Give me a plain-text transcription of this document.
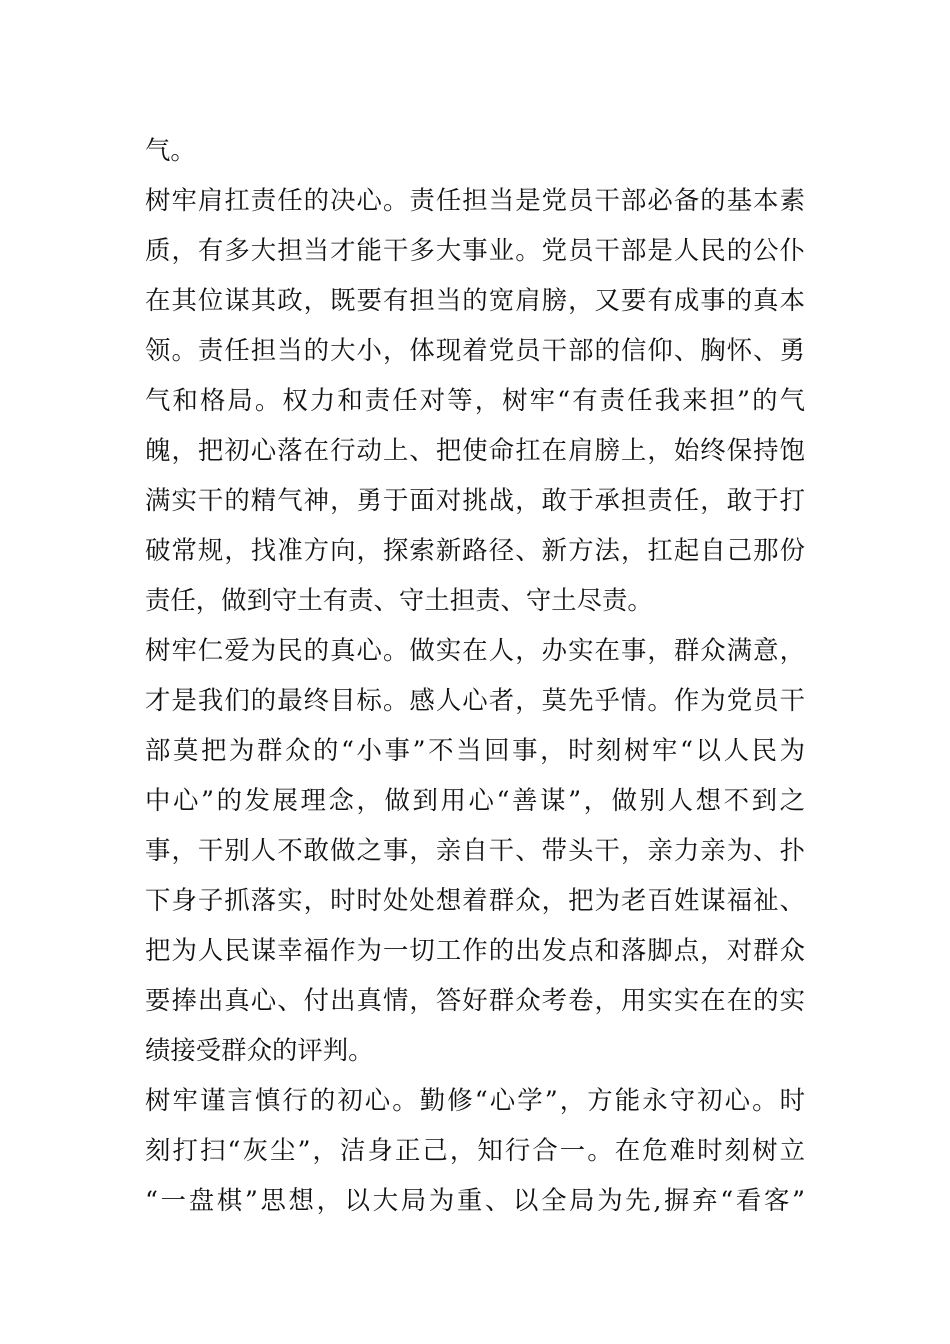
气。
树牢肩扛责任的决心。责任担当是党员干部必备的基本素
质，有多大担当才能干多大事业。党员干部是人民的公仆
在其位谋其政，既要有担当的宽肩膀，又要有成事的真本
领。责任担当的大小，体现着党员干部的信仰、胸怀、勇
气和格局。权力和责任对等，树牢“有责任我来担”的气
魄，把初心落在行动上、把使命扛在肩膀上，始终保持饱
满实干的精气神，勇于面对挑战，敢于承担责任，敢于打
破常规，找准方向，探索新路径、新方法，扛起自己那份
责任，做到守土有责、守土担责、守土尽责。
树牢仁爱为民的真心。做实在人，办实在事，群众满意，
才是我们的最终目标。感人心者，莫先乎情。作为党员干
部莫把为群众的“小事”不当回事，时刻树牢“以人民为
中心”的发展理念，做到用心“善谋”，做别人想不到之
事，干别人不敢做之事，亲自干、带头干，亲力亲为、扑
下身子抓落实，时时处处想着群众，把为老百姓谋福祉、
把为人民谋幸福作为一切工作的出发点和落脚点，对群众
要捧出真心、付出真情，答好群众考卷，用实实在在的实
绩接受群众的评判。
树牢谨言慎行的初心。勤修“心学”，方能永守初心。时
刻打扫“灰尘”，洁身正己，知行合一。在危难时刻树立
“一盘棋”思想，以大局为重、以全局为先,摒弃“看客”
